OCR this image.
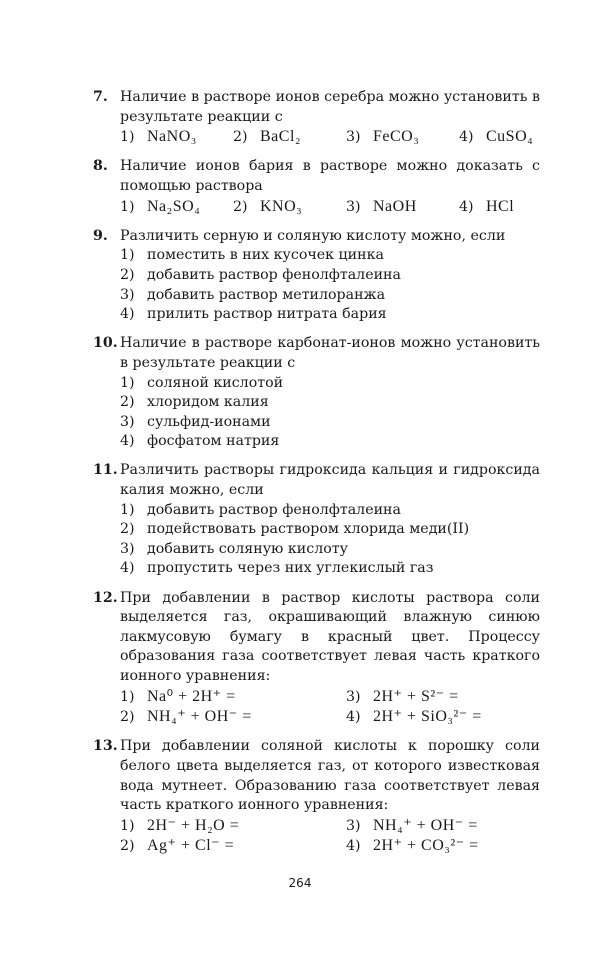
7. Наличие в растворе ионов серебра можно установить в результате реакции с
1) NaNO₃	2) BaCl₂	3) FeCO₃	4) CuSO₄
8. Наличие ионов бария в растворе можно доказать с помощью раствора
1) Na₂SO₄	2) KNO₃	3) NaOH	4) HCl
9. Различить серную и соляную кислоту можно, если
1) поместить в них кусочек цинка
2) добавить раствор фенолфталеина
3) добавить раствор метилоранжа
4) прилить раствор нитрата бария
10. Наличие в растворе карбонат-ионов можно установить в результате реакции с
1) соляной кислотой
2) хлоридом калия
3) сульфид-ионами
4) фосфатом натрия
11. Различить растворы гидроксида кальция и гидроксида калия можно, если
1) добавить раствор фенолфталеина
2) подействовать раствором хлорида меди(II)
3) добавить соляную кислоту
4) пропустить через них углекислый газ
12. При добавлении в раствор кислоты раствора соли выделяется газ, окрашивающий влажную синюю лакмусовую бумагу в красный цвет. Процессу образования газа соответствует левая часть краткого ионного уравнения:
1) Na⁰ + 2H⁺ =	3) 2H⁺ + S²⁻ =
2) NH₄⁺ + OH⁻ =	4) 2H⁺ + SiO₃²⁻ =
13. При добавлении соляной кислоты к порошку соли белого цвета выделяется газ, от которого известковая вода мутнеет. Образованию газа соответствует левая часть краткого ионного уравнения:
1) 2H⁻ + H₂O =	3) NH₄⁺ + OH⁻ =
2) Ag⁺ + Cl⁻ =	4) 2H⁺ + CO₃²⁻ =
264
